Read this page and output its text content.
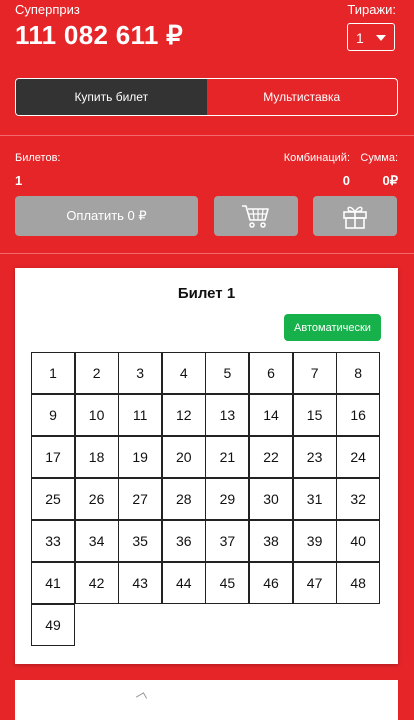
Суперприз
111 082 611 ₽
Тиражи:
1
Купить билет	Мультиставка
Билетов:
1
Комбинаций:
0
Сумма:
0₽
Оплатить 0 ₽
Билет 1
Автоматически
1	2	3	4	5	6	7	8
9	10	11	12	13	14	15	16
17	18	19	20	21	22	23	24
25	26	27	28	29	30	31	32
33	34	35	36	37	38	39	40
41	42	43	44	45	46	47	48
49
